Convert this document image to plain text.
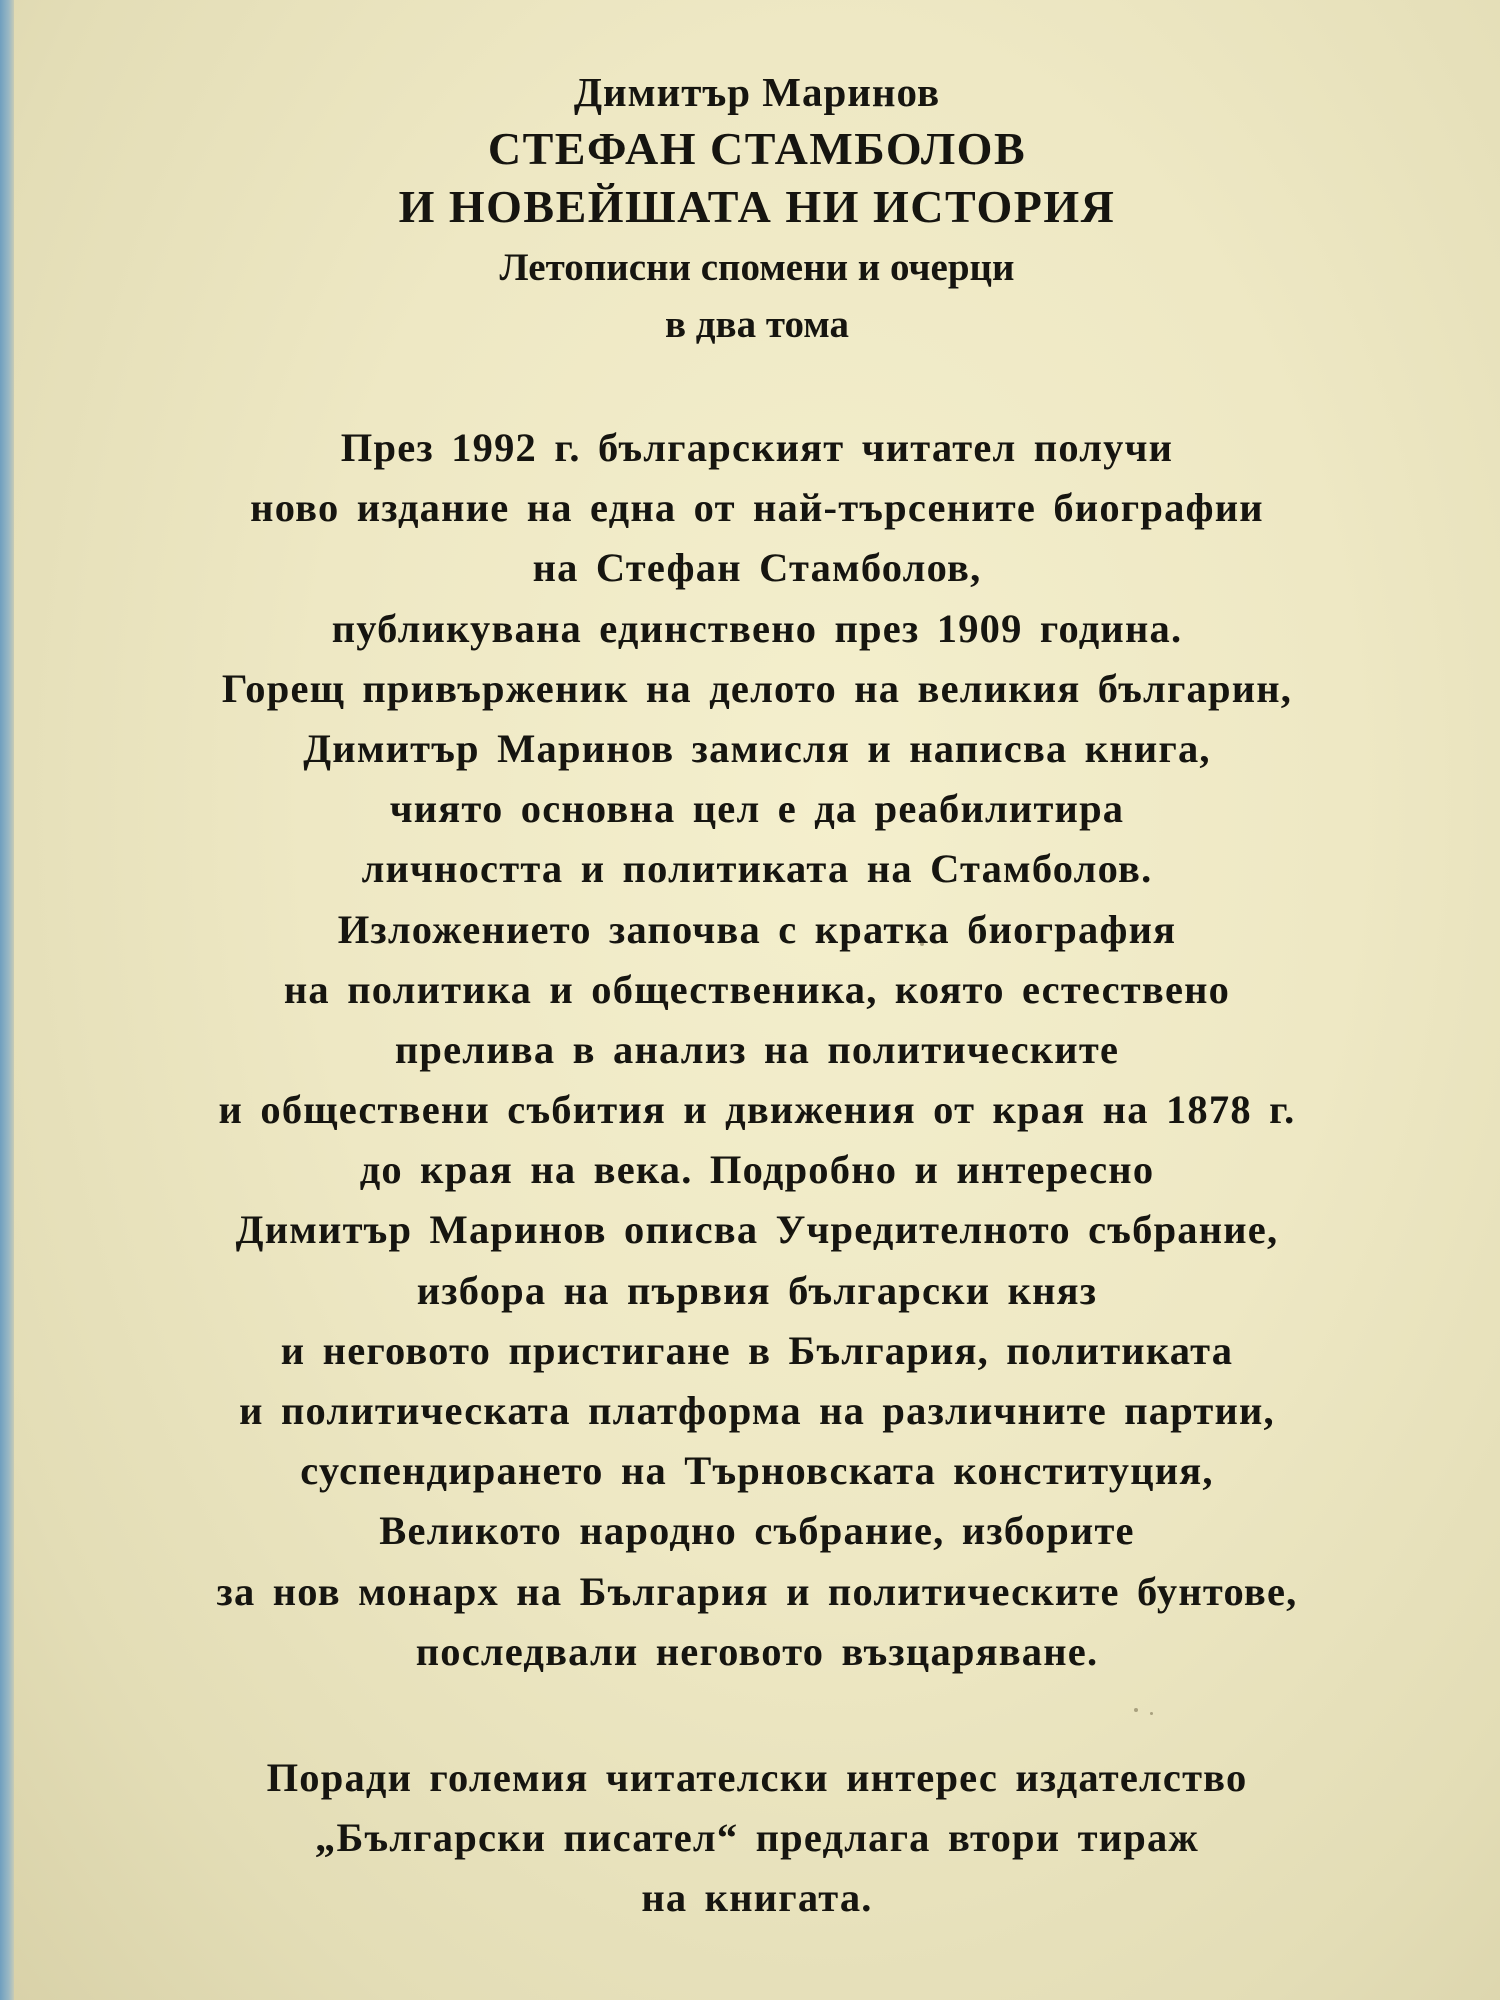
Димитър Маринов
СТЕФАН СТАМБОЛОВ
И НОВЕЙШАТА НИ ИСТОРИЯ
Летописни спомени и очерци
в два тома
През 1992 г. българският читател получи
ново издание на една от най-търсените биографии
на Стефан Стамболов,
публикувана единствено през 1909 година.
Горещ привърженик на делото на великия българин,
Димитър Маринов замисля и написва книга,
чиято основна цел е да реабилитира
личността и политиката на Стамболов.
Изложението започва с кратка биография
на политика и общественика, която естествено
прелива в анализ на политическите
и обществени събития и движения от края на 1878 г.
до края на века. Подробно и интересно
Димитър Маринов описва Учредителното събрание,
избора на първия български княз
и неговото пристигане в България, политиката
и политическата платформа на различните партии,
суспендирането на Търновската конституция,
Великото народно събрание, изборите
за нов монарх на България и политическите бунтове,
последвали неговото възцаряване.
Поради големия читателски интерес издателство
„Български писател“ предлага втори тираж
на книгата.
